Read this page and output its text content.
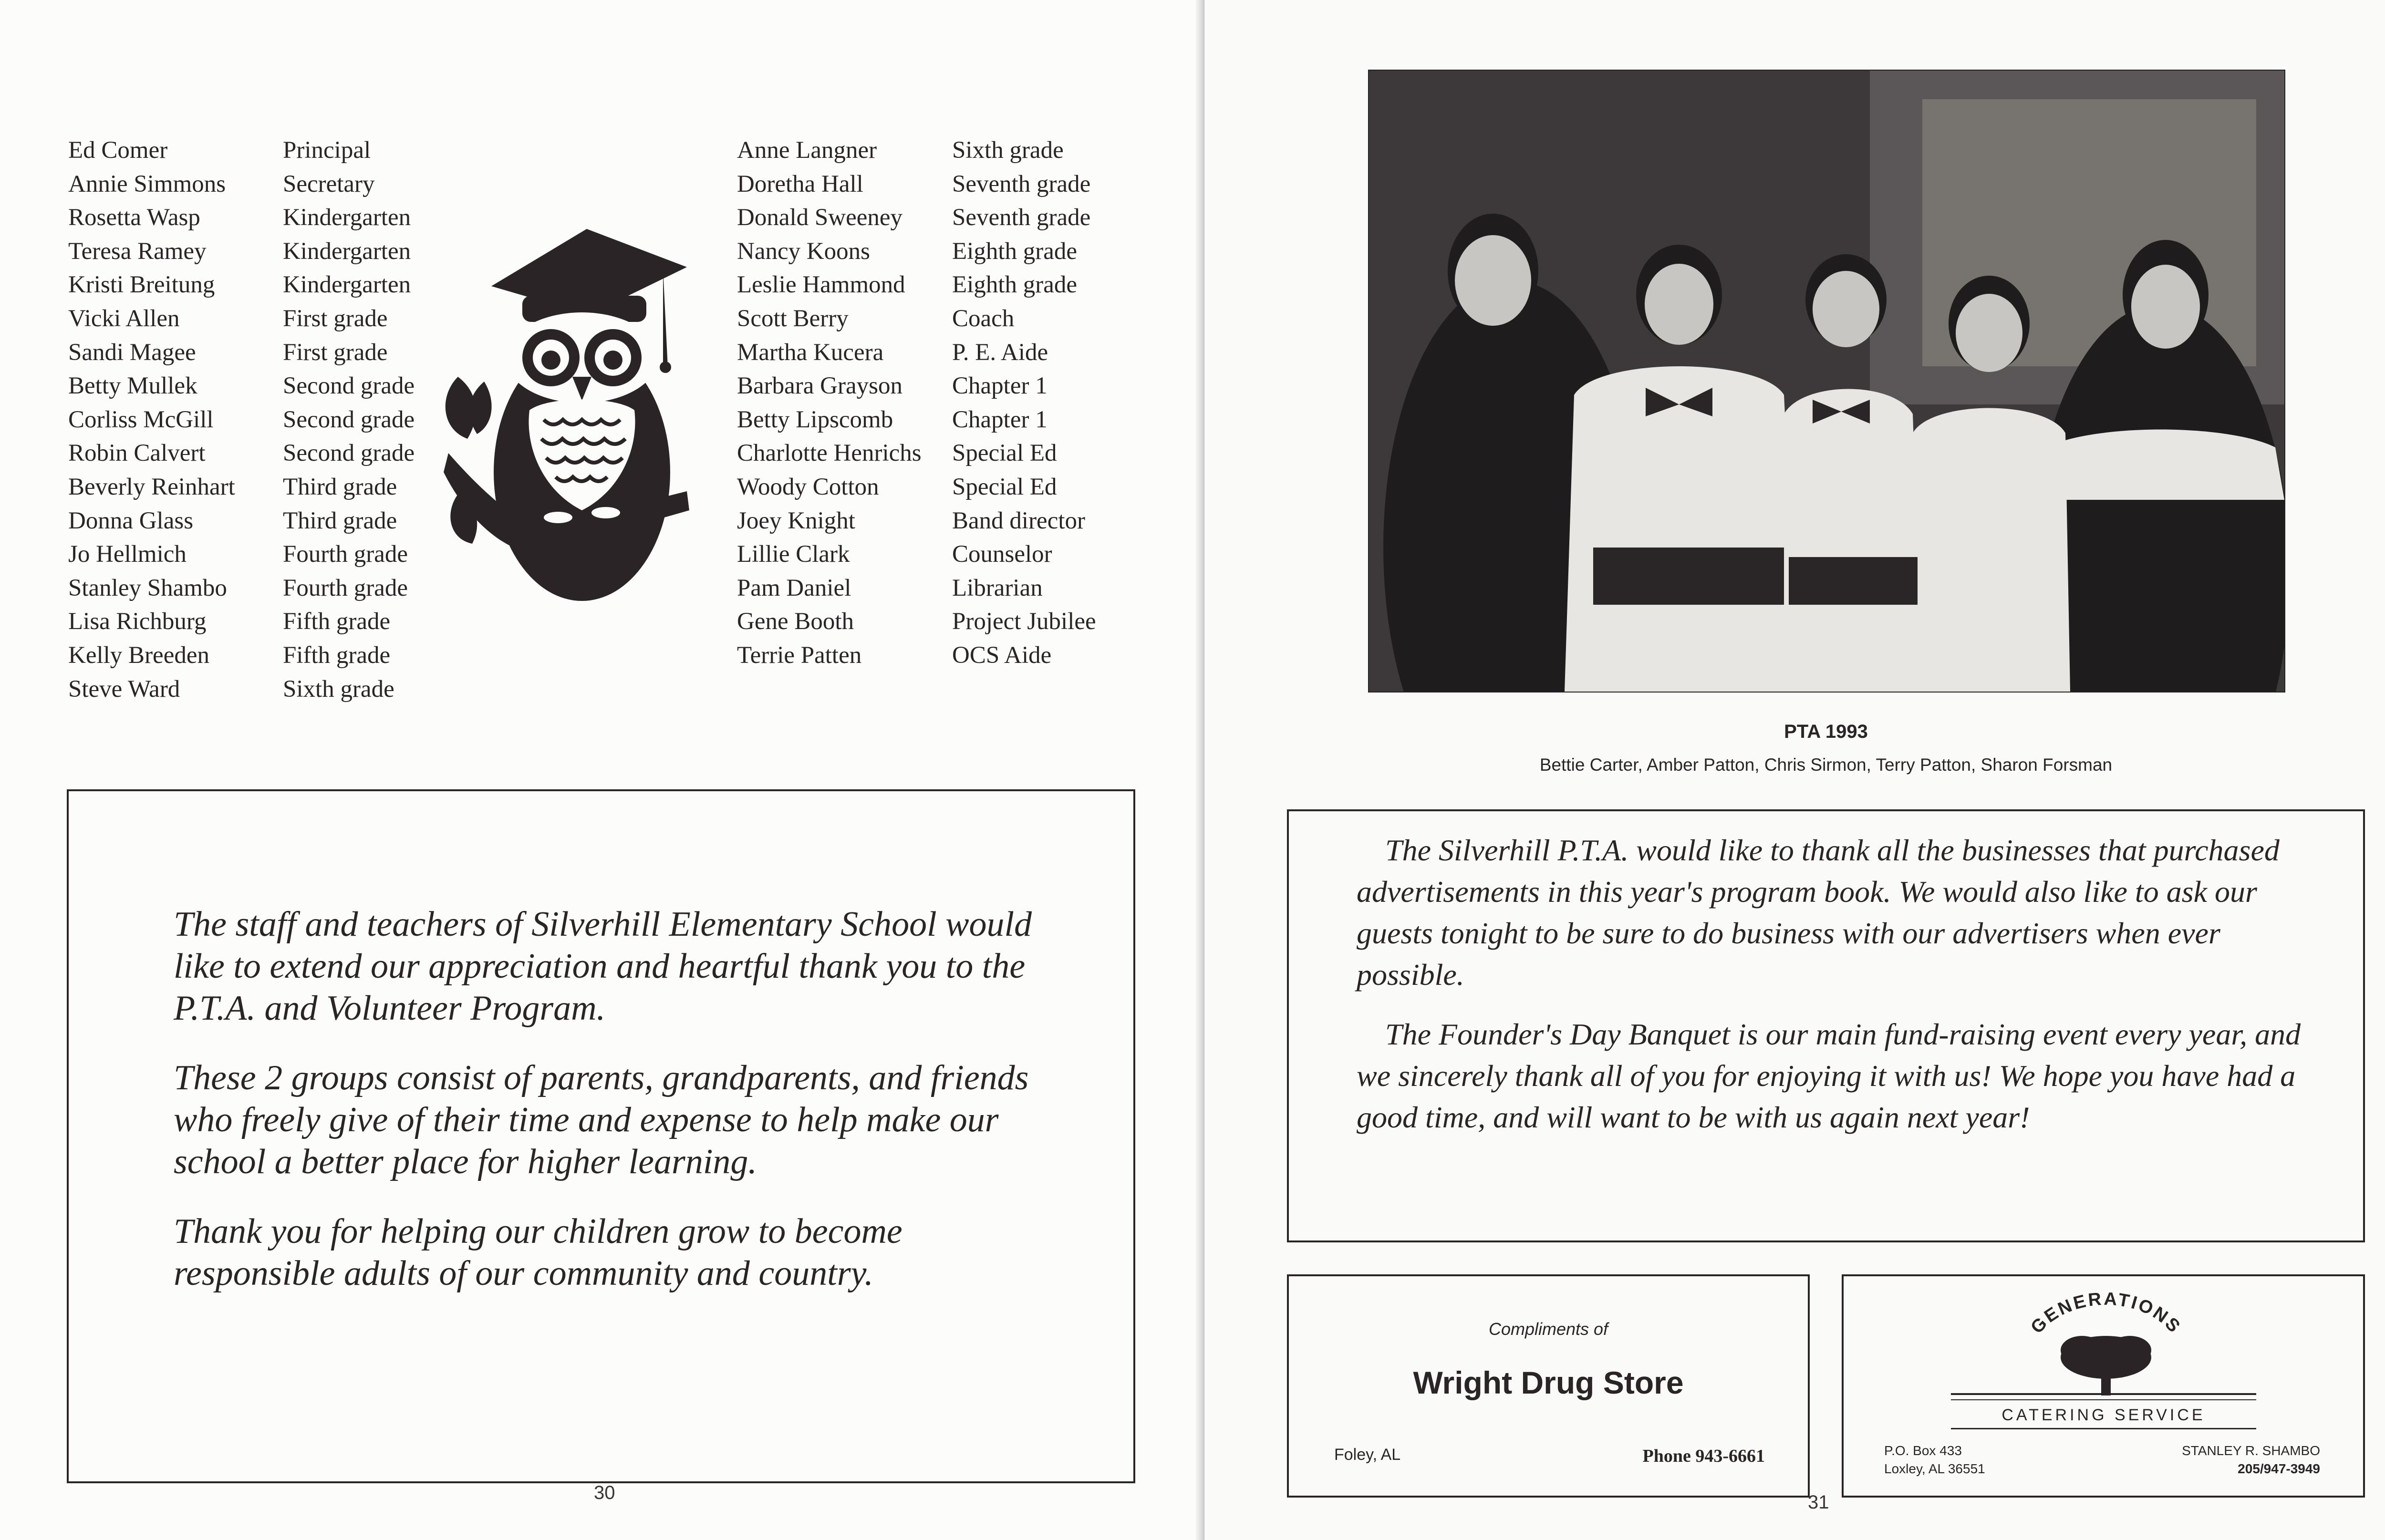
Ed Comer
Annie Simmons
Rosetta Wasp
Teresa Ramey
Kristi Breitung
Vicki Allen
Sandi Magee
Betty Mullek
Corliss McGill
Robin Calvert
Beverly Reinhart
Donna Glass
Jo Hellmich
Stanley Shambo
Lisa Richburg
Kelly Breeden
Steve Ward
Principal
Secretary
Kindergarten
Kindergarten
Kindergarten
First grade
First grade
Second grade
Second grade
Second grade
Third grade
Third grade
Fourth grade
Fourth grade
Fifth grade
Fifth grade
Sixth grade
Anne Langner
Doretha Hall
Donald Sweeney
Nancy Koons
Leslie Hammond
Scott Berry
Martha Kucera
Barbara Grayson
Betty Lipscomb
Charlotte Henrichs
Woody Cotton
Joey Knight
Lillie Clark
Pam Daniel
Gene Booth
Terrie Patten
Sixth grade
Seventh grade
Seventh grade
Eighth grade
Eighth grade
Coach
P. E. Aide
Chapter 1
Chapter 1
Special Ed
Special Ed
Band director
Counselor
Librarian
Project Jubilee
OCS Aide

The staff and teachers of Silverhill Elementary School would like to extend our appreciation and heartful thank you to the P.T.A. and Volunteer Program.

These 2 groups consist of parents, grandparents, and friends who freely give of their time and expense to help make our school a better place for higher learning.

Thank you for helping our children grow to become responsible adults of our community and country.

30
PTA 1993
Bettie Carter, Amber Patton, Chris Sirmon, Terry Patton, Sharon Forsman

The Silverhill P.T.A. would like to thank all the businesses that purchased advertisements in this year's program book. We would also like to ask our guests tonight to be sure to do business with our advertisers when ever possible.

The Founder's Day Banquet is our main fund-raising event every year, and we sincerely thank all of you for enjoying it with us! We hope you have had a good time, and will want to be with us again next year!

Compliments of
Wright Drug Store
Foley, AL	Phone 943-6661
GENERATIONS
CATERING SERVICE
P.O. Box 433
Loxley, AL 36551
STANLEY R. SHAMBO
205/947-3949
31
